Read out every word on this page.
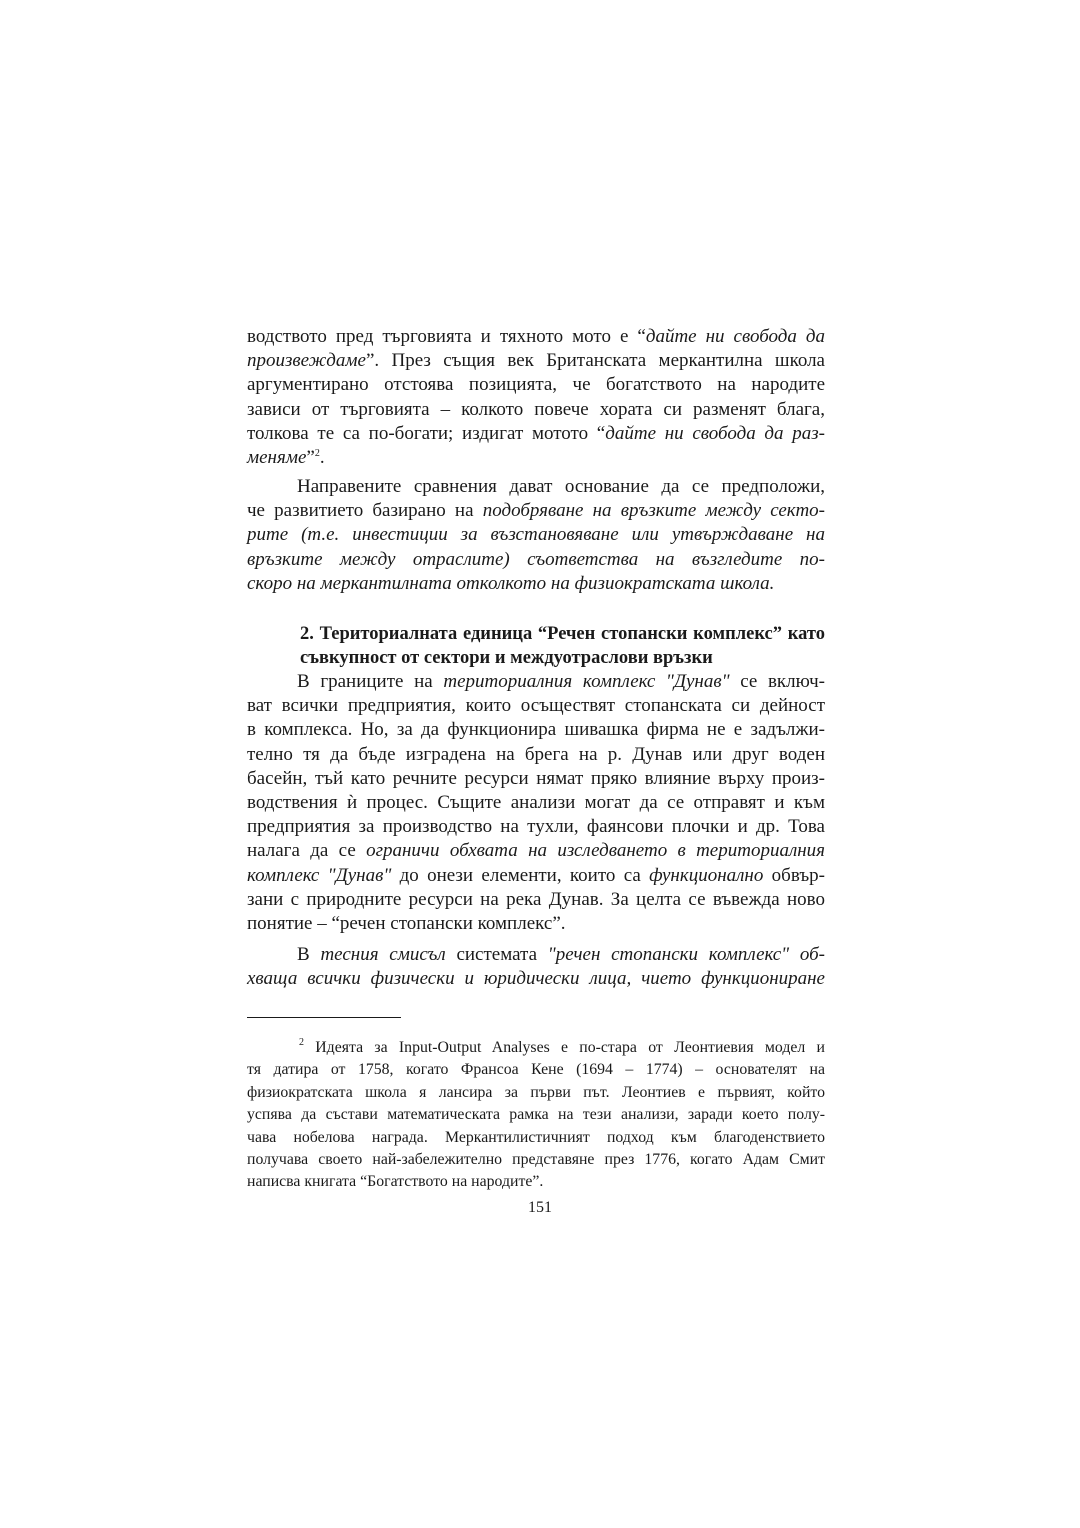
водството пред търговията и тяхното мото е “дайте ни свобода да
произвеждаме”. През същия век Британската меркантилна школа
аргументирано отстоява позицията, че богатството на народите
зависи от търговията – колкото повече хората си разменят блага,
толкова те са по-богати; издигат мотото “дайте ни свобода да раз-
меняме”$^2$.
Направените сравнения дават основание да се предположи,
че развитието базирано на подобряване на връзките между секто-
рите (т.е. инвестиции за възстановяване или утвърждаване на
връзките между отраслите) съответства на възгледите по-
скоро на меркантилната отколкото на физиократската школа.
2. Териториалната единица “Речен стопански комплекс” като
съвкупност от сектори и междуотраслови връзки
В границите на териториалния комплекс "Дунав" се включ-
ват всички предприятия, които осъществят стопанската си дейност
в комплекса. Но, за да функционира шивашка фирма не е задължи-
телно тя да бъде изградена на брега на р. Дунав или друг воден
басейн, тъй като речните ресурси нямат пряко влияние върху произ-
водствения ѝ процес. Същите анализи могат да се отправят и към
предприятия за производство на тухли, фаянсови плочки и др. Това
налага да се ограничи обхвата на изследването в териториалния
комплекс "Дунав" до онези елементи, които са функционално обвър-
зани с природните ресурси на река Дунав. За целта се въвежда ново
понятие – “речен стопански комплекс”.
В тесния смисъл системата "речен стопански комплекс" об-
хваща всички физически и юридически лица, чието функциониране
$^2$ Идеята за Input-Output Analyses е по-стара от Леонтиевия модел и
тя датира от 1758, когато Франсоа Кене (1694 – 1774) – основателят на
физиократската школа я лансира за първи път. Леонтиев е първият, който
успява да състави математическата рамка на тези анализи, заради което полу-
чава нобелова награда. Меркантилистичният подход към благоденствието
получава своето най-забележително представяне през 1776, когато Адам Смит
написва книгата “Богатството на народите”.
151
